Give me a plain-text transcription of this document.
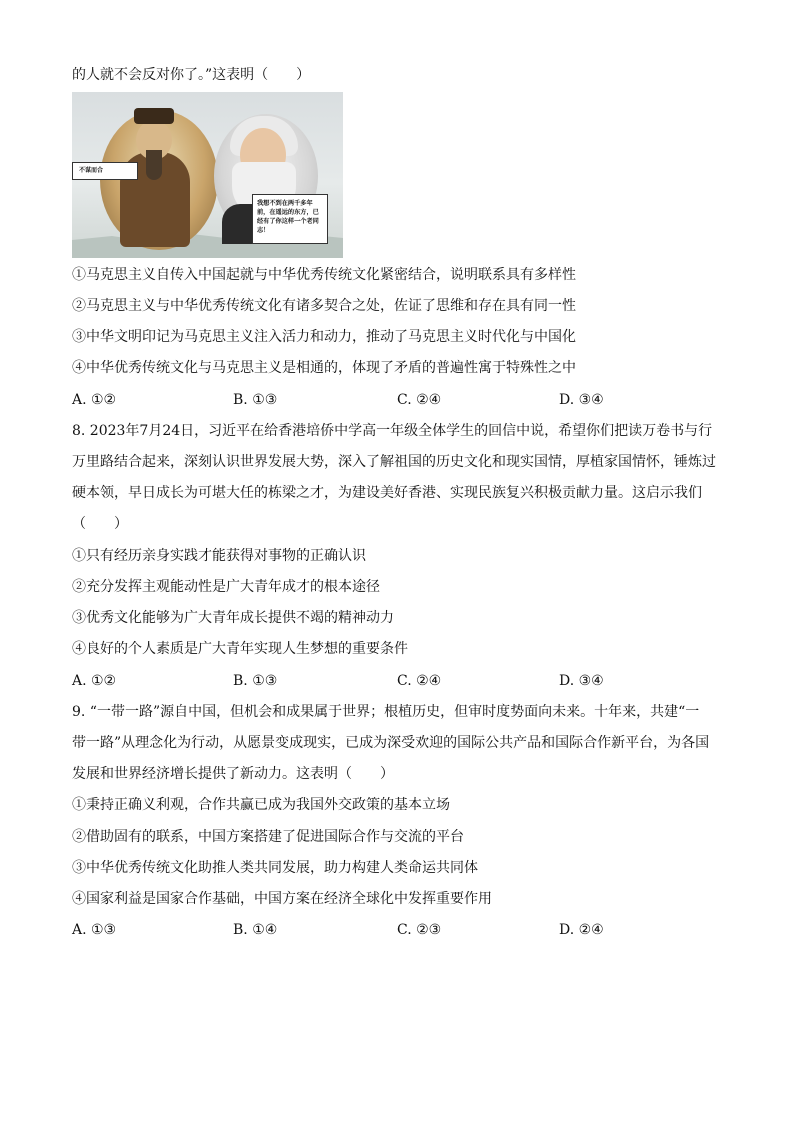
的人就不会反对你了。”这表明（　　）
不谋而合
我想不到在两千多年前，在遥远的东方，已经有了你这样一个老同志！
①马克思主义自传入中国起就与中华优秀传统文化紧密结合，说明联系具有多样性
②马克思主义与中华优秀传统文化有诸多契合之处，佐证了思维和存在具有同一性
③中华文明印记为马克思主义注入活力和动力，推动了马克思主义时代化与中国化
④中华优秀传统文化与马克思主义是相通的，体现了矛盾的普遍性寓于特殊性之中
A. ①②	B. ①③	C. ②④	D. ③④
8. 2023年7月24日，习近平在给香港培侨中学高一年级全体学生的回信中说，希望你们把读万卷书与行
万里路结合起来，深刻认识世界发展大势，深入了解祖国的历史文化和现实国情，厚植家国情怀，锤炼过
硬本领，早日成长为可堪大任的栋梁之才，为建设美好香港、实现民族复兴积极贡献力量。这启示我们
（　　）
①只有经历亲身实践才能获得对事物的正确认识
②充分发挥主观能动性是广大青年成才的根本途径
③优秀文化能够为广大青年成长提供不竭的精神动力
④良好的个人素质是广大青年实现人生梦想的重要条件
A. ①②	B. ①③	C. ②④	D. ③④
9. “一带一路”源自中国，但机会和成果属于世界；根植历史，但审时度势面向未来。十年来，共建“一
带一路”从理念化为行动，从愿景变成现实，已成为深受欢迎的国际公共产品和国际合作新平台，为各国
发展和世界经济增长提供了新动力。这表明（　　）
①秉持正确义利观，合作共赢已成为我国外交政策的基本立场
②借助固有的联系，中国方案搭建了促进国际合作与交流的平台
③中华优秀传统文化助推人类共同发展，助力构建人类命运共同体
④国家利益是国家合作基础，中国方案在经济全球化中发挥重要作用
A. ①③	B. ①④	C. ②③	D. ②④
